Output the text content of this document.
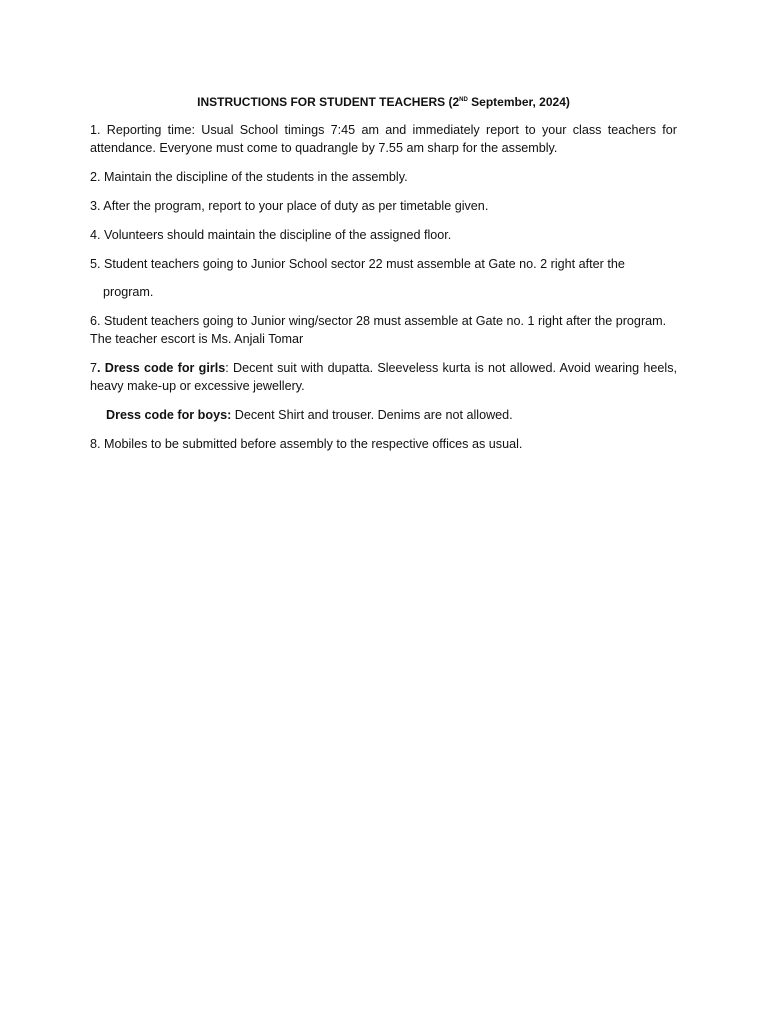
INSTRUCTIONS FOR STUDENT TEACHERS (2ND September, 2024)

1. Reporting time: Usual School timings 7:45 am and immediately report to your class teachers for attendance. Everyone must come to quadrangle by 7.55 am sharp for the assembly.

2. Maintain the discipline of the students in the assembly.

3. After the program, report to your place of duty as per timetable given.

4. Volunteers should maintain the discipline of the assigned floor.

5. Student teachers going to Junior School sector 22 must assemble at Gate no. 2 right after the

program.

6. Student teachers going to Junior wing/sector 28 must assemble at Gate no. 1 right after the program.
The teacher escort is Ms. Anjali Tomar

7. Dress code for girls: Decent suit with dupatta. Sleeveless kurta is not allowed. Avoid wearing heels, heavy make-up or excessive jewellery.

Dress code for boys: Decent Shirt and trouser. Denims are not allowed.

8. Mobiles to be submitted before assembly to the respective offices as usual.
